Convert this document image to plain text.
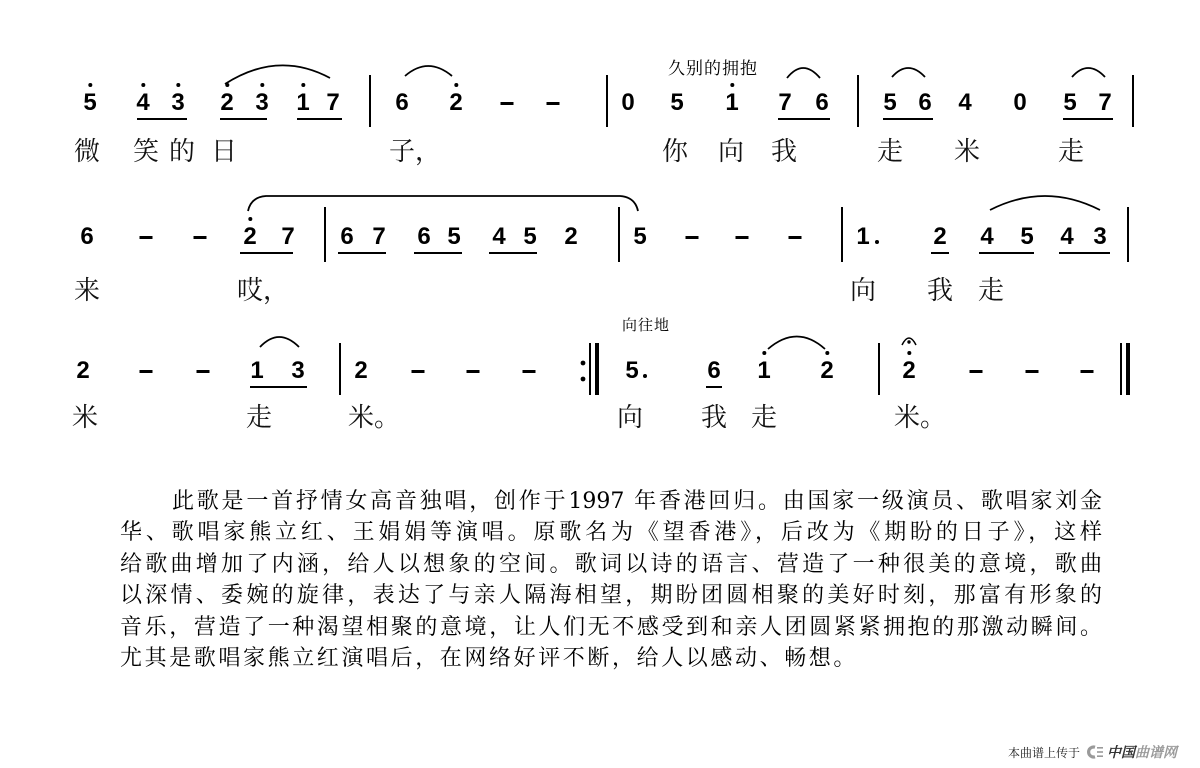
久别的拥抱
5 4 3 2 3 1 7 6 2	0 5 1 7 6 5 6 4 0 5 7
微 笑 的 日	子，	你 向 我	走 米	走
6	2 7 6 7 6 5 4 5 2 5	1	2 4 5 4 3
来	哎，	向 我 走
向往地
2	1 3 2	5	6 1 2	2
米	走	米。	向 我 走	米。
此歌是一首抒情女高音独唱，创作于1997 年香港回归。由国家一级演员、歌唱家刘金
华、歌唱家熊立红、王娟娟等演唱。原歌名为《望香港》，后改为《期盼的日子》，这样
给歌曲增加了内涵，给人以想象的空间。歌词以诗的语言、营造了一种很美的意境，歌曲
以深情、委婉的旋律，表达了与亲人隔海相望，期盼团圆相聚的美好时刻，那富有形象的
音乐，营造了一种渴望相聚的意境，让人们无不感受到和亲人团圆紧紧拥抱的那激动瞬间。
尤其是歌唱家熊立红演唱后，在网络好评不断，给人以感动、畅想。
本曲谱上传于 中国 曲谱网
